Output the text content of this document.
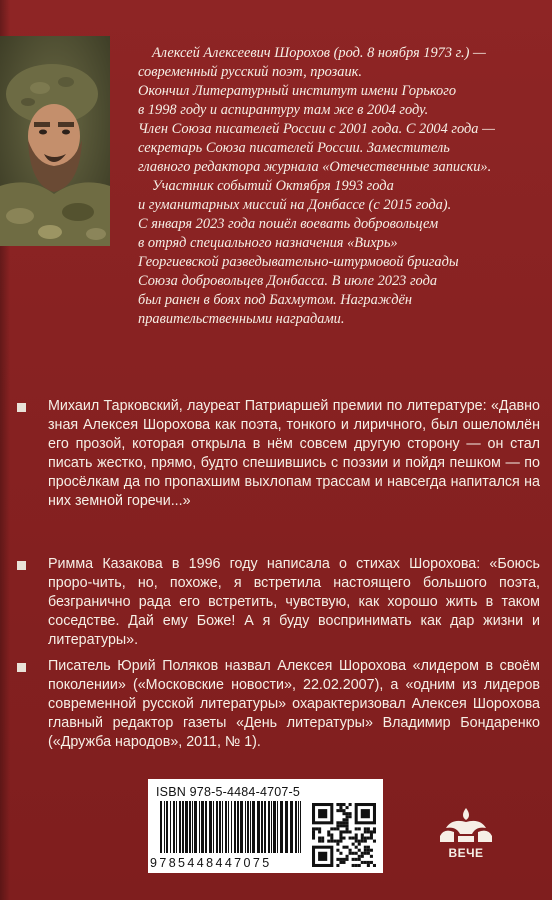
Алексей Алексеевич Шорохов (род. 8 ноября 1973 г.) —

современный русский поэт, прозаик.

Окончил Литературный институт имени Горького

в 1998 году и аспирантуру там же в 2004 году.

Член Союза писателей России с 2001 года. С 2004 года —

секретарь Союза писателей России. Заместитель

главного редактора журнала «Отечественные записки».

Участник событий Октября 1993 года

и гуманитарных миссий на Донбассе (с 2015 года).

С января 2023 года пошёл воевать добровольцем

в отряд специального назначения «Вихрь»

Георгиевской разведывательно-штурмовой бригады

Союза добровольцев Донбасса. В июле 2023 года

был ранен в боях под Бахмутом. Награждён

правительственными наградами.

Михаил Тарковский, лауреат Патриаршей премии по литературе: «Давно зная Алексея Шорохова как поэта, тонкого и лиричного, был ошеломлён его прозой, которая открыла в нём совсем другую сторону — он стал писать жестко, прямо, будто спешившись с поэзии и пойдя пешком — по просёлкам да по пропахшим выхлопам трассам и навсегда напитался на них земной горечи...»
Римма Казакова в 1996 году написала о стихах Шорохова: «Боюсь проро-чить, но, похоже, я встретила настоящего большого поэта, безгранично рада его встретить, чувствую, как хорошо жить в таком соседстве. Дай ему Боже! А я буду воспринимать как дар жизни и литературы».
Писатель Юрий Поляков назвал Алексея Шорохова «лидером в своём поколении» («Московские новости», 22.02.2007), а «одним из лидеров современной русской литературы» охарактеризовал Алексея Шорохова главный редактор газеты «День литературы» Владимир Бондаренко («Дружба народов», 2011, № 1).
ISBN 978-5-4484-4707-5
9785448447075
ВЕЧЕ
